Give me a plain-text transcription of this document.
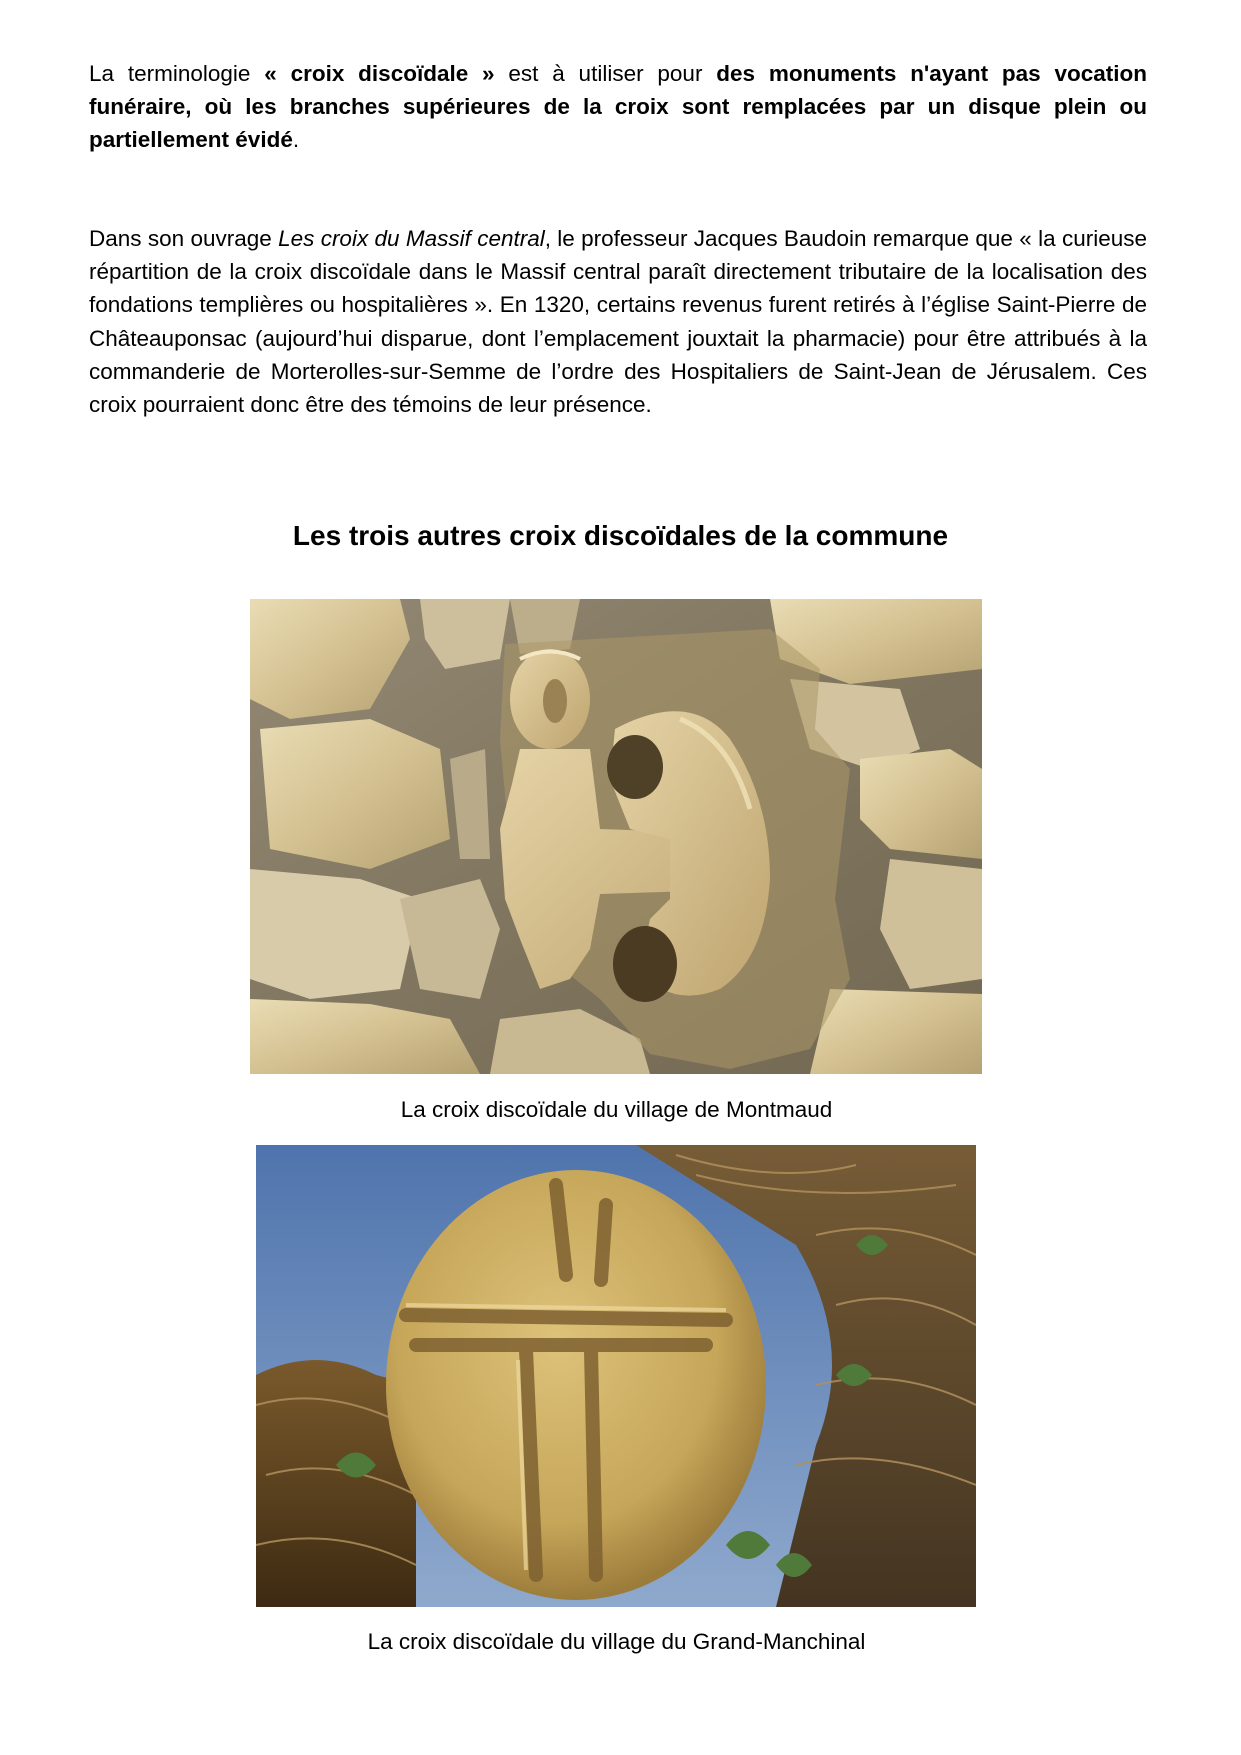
La terminologie « croix discoïdale » est à utiliser pour des monuments n'ayant pas vocation funéraire, où les branches supérieures de la croix sont remplacées par un disque plein ou partiellement évidé.

Dans son ouvrage Les croix du Massif central, le professeur Jacques Baudoin remarque que « la curieuse répartition de la croix discoïdale dans le Massif central paraît directement tributaire de la localisation des fondations templières ou hospitalières ». En 1320, certains revenus furent retirés à l’église Saint-Pierre de Châteauponsac (aujourd’hui disparue, dont l’emplacement jouxtait la pharmacie) pour être attribués à la commanderie de Morterolles-sur-Semme de l’ordre des Hospitaliers de Saint-Jean de Jérusalem. Ces croix pourraient donc être des témoins de leur présence.

Les trois autres croix discoïdales de la commune

La croix discoïdale du village de Montmaud

La croix discoïdale du village du Grand-Manchinal
